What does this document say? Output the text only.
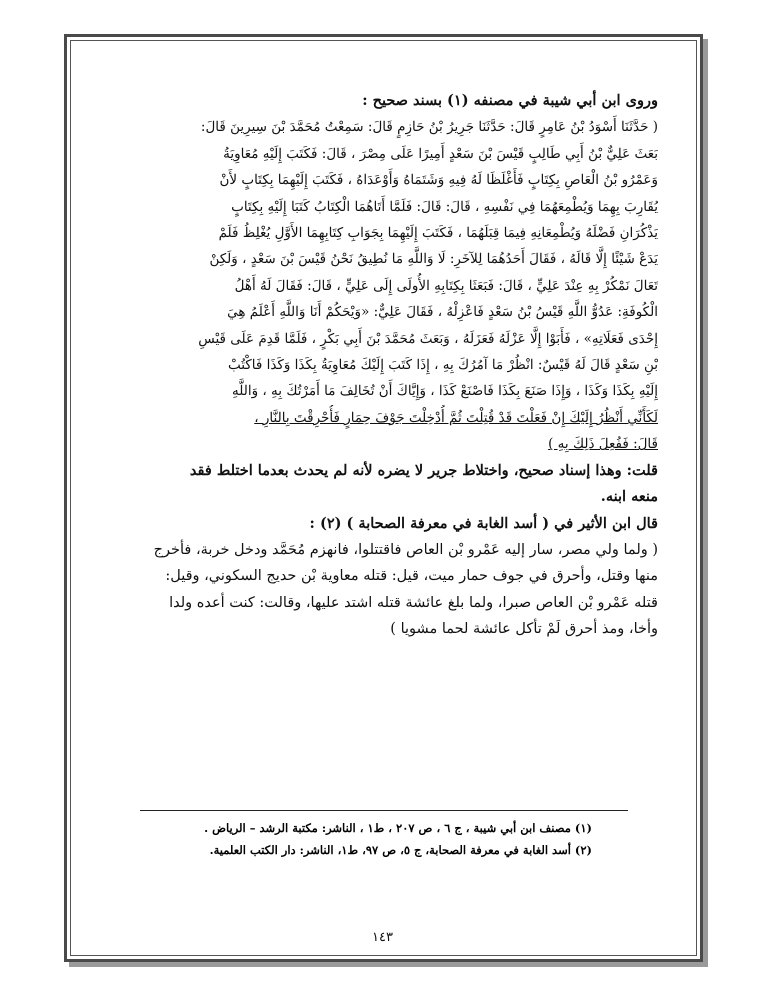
وروى ابن أبي شيبة في مصنفه (١) بسند صحيح :
( حَدَّثَنَا أَسْوَدُ بْنُ عَامِرٍ قَالَ: حَدَّثَنَا جَرِيرُ بْنُ حَازِمٍ قَالَ: سَمِعْتُ مُحَمَّدَ بْنَ سِيرِينَ قَالَ:
بَعَثَ عَلِيٌّ بْنُ أَبِي طَالِبٍ قَيْسَ بْنَ سَعْدٍ أَمِيرًا عَلَى مِصْرَ ، قَالَ: فَكَتَبَ إِلَيْهِ مُعَاوِيَةُ
وَعَمْرُو بْنُ الْعَاصِ بِكِتَابٍ فَأَغْلَظَا لَهُ فِيهِ وَشَتَمَاهُ وَأَوْعَدَاهُ ، فَكَتَبَ إِلَيْهِمَا بِكِتَابٍ لأَنْ
يُقَارِبَ بِهِمَا وَيُطْمِعَهُمَا فِي نَفْسِهِ ، قَالَ: قَالَ: فَلَمَّا أَتَاهُمَا الْكِتَابُ كَتَبَا إِلَيْهِ بِكِتَابٍ
يَذْكُرَانِ فَضْلَهُ وَيُطْمِعَانِهِ فِيمَا قِبَلَهُمَا ، فَكَتَبَ إِلَيْهِمَا بِجَوَابِ كِتَابِهِمَا الأَوَّلِ يُغْلِظُ فَلَمْ
يَدَعْ شَيْئًا إِلَّا قَالَهُ ، فَقَالَ أَحَدُهُمَا لِلآخَرِ: لَا وَاللَّهِ مَا نُطِيقُ نَحْنُ قَيْسَ بْنَ سَعْدٍ ، وَلَكِنْ
تَعَالَ نَمْكُرْ بِهِ عِنْدَ عَلِيٍّ ، قَالَ: فَبَعَثَا بِكِتَابِهِ الأُولَى إِلَى عَلِيٍّ ، قَالَ: فَقَالَ لَهُ أَهْلُ
الْكُوفَةِ: عَدُوُّ اللَّهِ قَيْسُ بْنُ سَعْدٍ فَاعْزِلْهُ ، فَقَالَ عَلِيٌّ: «وَيْحَكُمْ أَنَا وَاللَّهِ أَعْلَمُ هِيَ
إِحْدَى فَعَلَاتِهِ» ، فَأَبَوْا إِلَّا عَزْلَهُ فَعَزَلَهُ ، وَبَعَثَ مُحَمَّدَ بْنَ أَبِي بَكْرٍ ، فَلَمَّا قَدِمَ عَلَى قَيْسِ
بْنِ سَعْدٍ قَالَ لَهُ قَيْسٌ: انْظُرْ مَا آمُرُكَ بِهِ ، إِذَا كَتَبَ إِلَيْكَ مُعَاوِيَةُ بِكَذَا وَكَذَا فَاكْتُبْ
إِلَيْهِ بِكَذَا وَكَذَا ، وَإِذَا صَنَعَ بِكَذَا فَاصْنَعْ كَذَا ، وَإِيَّاكَ أَنْ تُخَالِفَ مَا أَمَرْتُكَ بِهِ ، وَاللَّهِ
لَكَأَنِّي أَنْظُرُ إِلَيْكَ إِنْ فَعَلْتَ قَدْ قُتِلْتَ ثُمَّ أُدْخِلْتَ جَوْفَ حِمَارٍ فَأُحْرِقْتَ بِالنَّارِ ،
قَالَ: فَفُعِلَ ذَلِكَ بِهِ )
قلت: وهذا إسناد صحيح، واختلاط جرير لا يضره لأنه لم يحدث بعدما اختلط فقد
منعه ابنه.
قال ابن الأثير في ( أسد الغابة في معرفة الصحابة ) (٢) :
( ولما ولي مصر، سار إليه عَمْرو بْن العاص فاقتتلوا، فانهزم مُحَمَّد ودخل خربة، فأخرج
منها وقتل، وأحرق في جوف حمار ميت، قيل: قتله معاوية بْن حديج السكوني، وقيل:
قتله عَمْرو بْن العاص صبرا، ولما بلغ عائشة قتله اشتد عليها، وقالت: كنت أعده ولدا
وأخا، ومذ أحرق لَمْ تأكل عائشة لحما مشويا )
(١) مصنف ابن أبي شيبة ، ج ٦ ، ص ٢٠٧ ، ط١ ، الناشر: مكتبة الرشد – الرياض .
(٢) أسد الغابة في معرفة الصحابة، ج ٥، ص ٩٧، ط١، الناشر: دار الكتب العلمية.
١٤٣
